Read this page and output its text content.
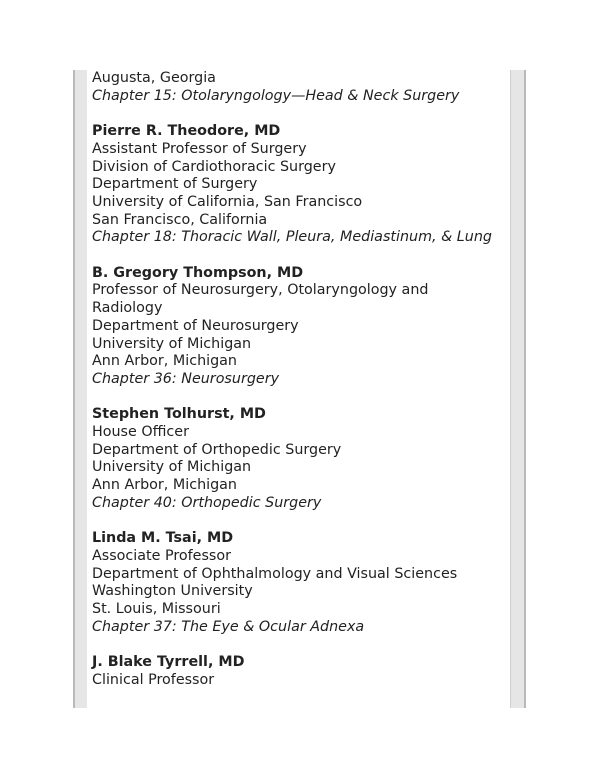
Augusta, Georgia
Chapter 15: Otolaryngology—Head & Neck Surgery
Pierre R. Theodore, MD
Assistant Professor of Surgery
Division of Cardiothoracic Surgery
Department of Surgery
University of California, San Francisco
San Francisco, California
Chapter 18: Thoracic Wall, Pleura, Mediastinum, & Lung
B. Gregory Thompson, MD
Professor of Neurosurgery, Otolaryngology and
Radiology
Department of Neurosurgery
University of Michigan
Ann Arbor, Michigan
Chapter 36: Neurosurgery
Stephen Tolhurst, MD
House Officer
Department of Orthopedic Surgery
University of Michigan
Ann Arbor, Michigan
Chapter 40: Orthopedic Surgery
Linda M. Tsai, MD
Associate Professor
Department of Ophthalmology and Visual Sciences
Washington University
St. Louis, Missouri
Chapter 37: The Eye & Ocular Adnexa
J. Blake Tyrrell, MD
Clinical Professor
